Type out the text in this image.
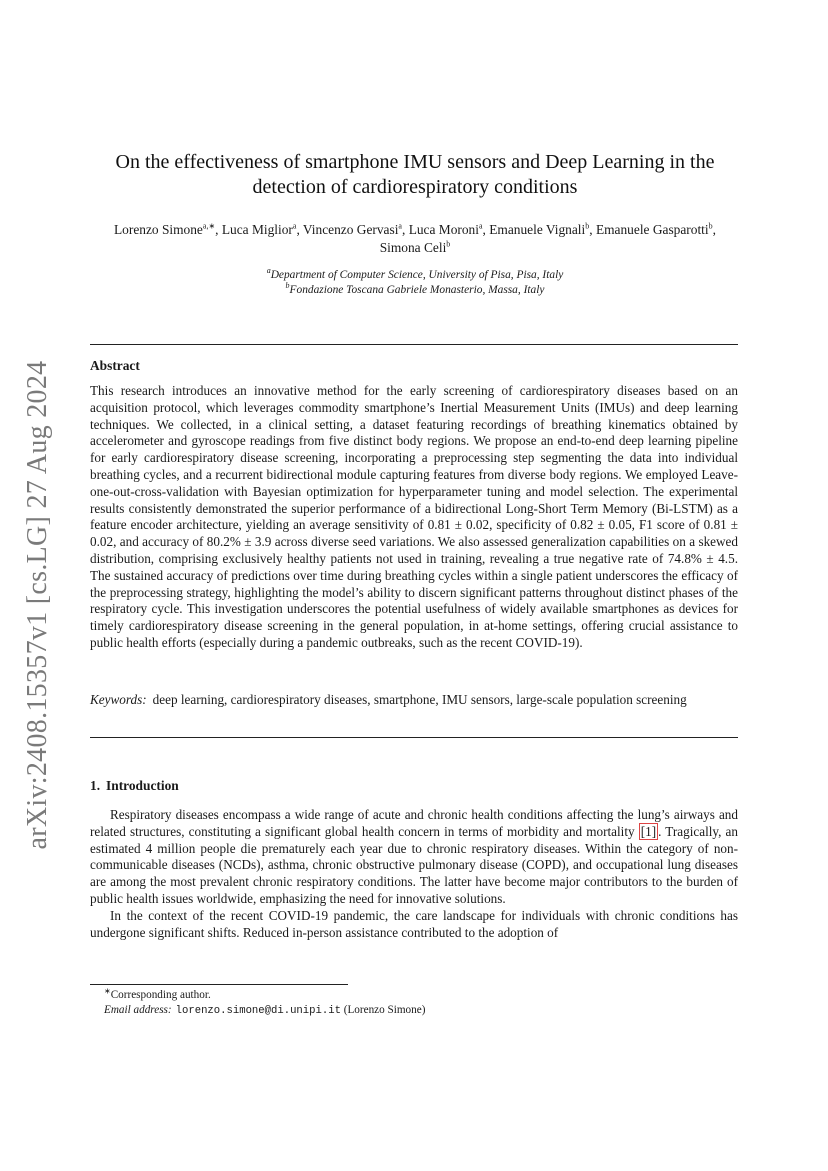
arXiv:2408.15357v1 [cs.LG] 27 Aug 2024
On the effectiveness of smartphone IMU sensors and Deep Learning in the
detection of cardiorespiratory conditions
Lorenzo Simone$^{a,∗}$, Luca Miglior$^a$, Vincenzo Gervasi$^a$, Luca Moroni$^a$, Emanuele Vignali$^b$, Emanuele Gasparotti$^b$, Simona Celi$^b$
$^a$Department of Computer Science, University of Pisa, Pisa, Italy
$^b$Fondazione Toscana Gabriele Monasterio, Massa, Italy
Abstract
This research introduces an innovative method for the early screening of cardiorespiratory diseases based on an acquisition protocol, which leverages commodity smartphone’s Inertial Measurement Units (IMUs) and deep learning techniques. We collected, in a clinical setting, a dataset featuring recordings of breathing kinematics obtained by accelerometer and gyroscope readings from five distinct body regions. We propose an end-to-end deep learning pipeline for early cardiorespiratory disease screening, incorporating a preprocessing step segmenting the data into individual breathing cycles, and a recurrent bidirectional module capturing features from diverse body regions. We employed Leave-one-out-cross-validation with Bayesian optimization for hyperparameter tuning and model selection. The experimental results consistently demonstrated the superior performance of a bidirectional Long-Short Term Memory (Bi-LSTM) as a feature encoder architecture, yielding an average sensitivity of 0.81 ± 0.02, specificity of 0.82 ± 0.05, F1 score of 0.81 ± 0.02, and accuracy of 80.2% ± 3.9 across diverse seed variations. We also assessed generalization capabilities on a skewed distribution, comprising exclusively healthy patients not used in training, revealing a true negative rate of 74.8% ± 4.5. The sustained accuracy of predictions over time during breathing cycles within a single patient underscores the efficacy of the preprocessing strategy, highlighting the model’s ability to discern significant patterns throughout distinct phases of the respiratory cycle. This investigation underscores the potential usefulness of widely available smartphones as devices for timely cardiorespiratory disease screening in the general population, in at-home settings, offering crucial assistance to public health efforts (especially during a pandemic outbreaks, such as the recent COVID-19).
Keywords: deep learning, cardiorespiratory diseases, smartphone, IMU sensors, large-scale population screening
1. Introduction

Respiratory diseases encompass a wide range of acute and chronic health conditions affecting the lung’s airways and related structures, constituting a significant global health concern in terms of morbidity and mortality [1] . Tragically, an estimated 4 million people die prematurely each year due to chronic respiratory diseases. Within the category of non-communicable diseases (NCDs), asthma, chronic obstructive pulmonary disease (COPD), and occupational lung diseases are among the most prevalent chronic respiratory conditions. The latter have become major contributors to the burden of public health issues worldwide, emphasizing the need for innovative solutions.

In the context of the recent COVID-19 pandemic, the care landscape for individuals with chronic conditions has undergone significant shifts. Reduced in-person assistance contributed to the adoption of

∗Corresponding author.
Email address: lorenzo.simone@di.unipi.it (Lorenzo Simone)
